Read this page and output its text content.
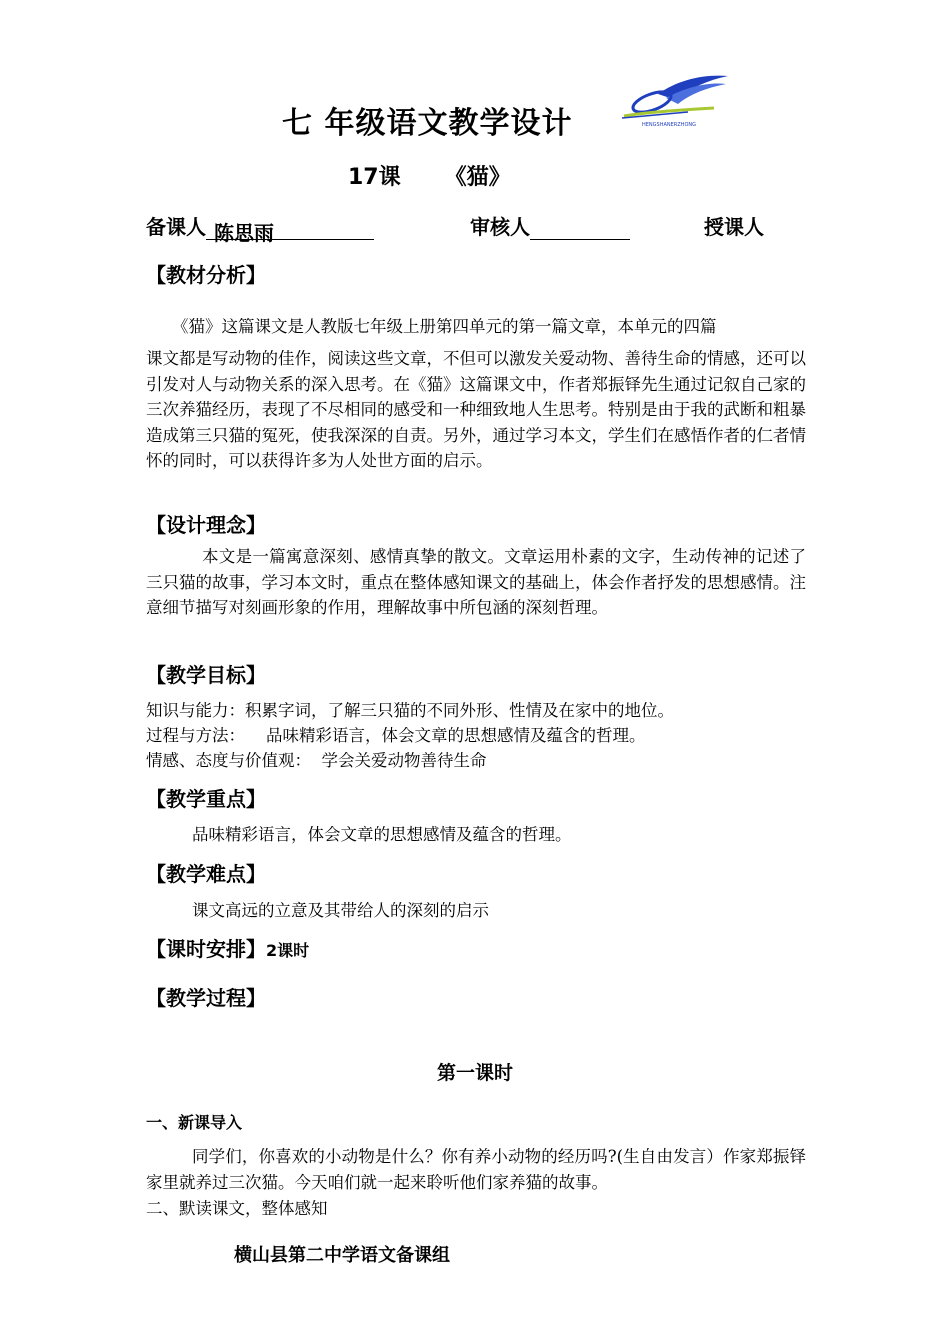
七 年级语文教学设计	HENGSHANERZHONG
17课 《猫》
备课人 陈思雨	审核人	授课人
【教材分析】
《猫》这篇课文是人教版七年级上册第四单元的第一篇文章，本单元的四篇
课文都是写动物的佳作，阅读这些文章，不但可以激发关爱动物、善待生命的情感，还可以引发对人与动物关系的深入思考。在《猫》这篇课文中，作者郑振铎先生通过记叙自己家的三次养猫经历，表现了不尽相同的感受和一种细致地人生思考。特别是由于我的武断和粗暴造成第三只猫的冤死，使我深深的自责。另外，通过学习本文，学生们在感悟作者的仁者情怀的同时，可以获得许多为人处世方面的启示。
【设计理念】
本文是一篇寓意深刻、感情真挚的散文。文章运用朴素的文字，生动传神的记述了三只猫的故事，学习本文时，重点在整体感知课文的基础上，体会作者抒发的思想感情。注意细节描写对刻画形象的作用，理解故事中所包涵的深刻哲理。
【教学目标】
知识与能力：积累字词，了解三只猫的不同外形、性情及在家中的地位。
过程与方法：    品味精彩语言，体会文章的思想感情及蕴含的哲理。
情感、态度与价值观：  学会关爱动物善待生命
【教学重点】
品味精彩语言，体会文章的思想感情及蕴含的哲理。
【教学难点】
课文高远的立意及其带给人的深刻的启示
【课时安排】2课时
【教学过程】
第一课时
一、新课导入
同学们，你喜欢的小动物是什么？你有养小动物的经历吗?(生自由发言）作家郑振铎家里就养过三次猫。今天咱们就一起来聆听他们家养猫的故事。
二、默读课文，整体感知
横山县第二中学语文备课组
